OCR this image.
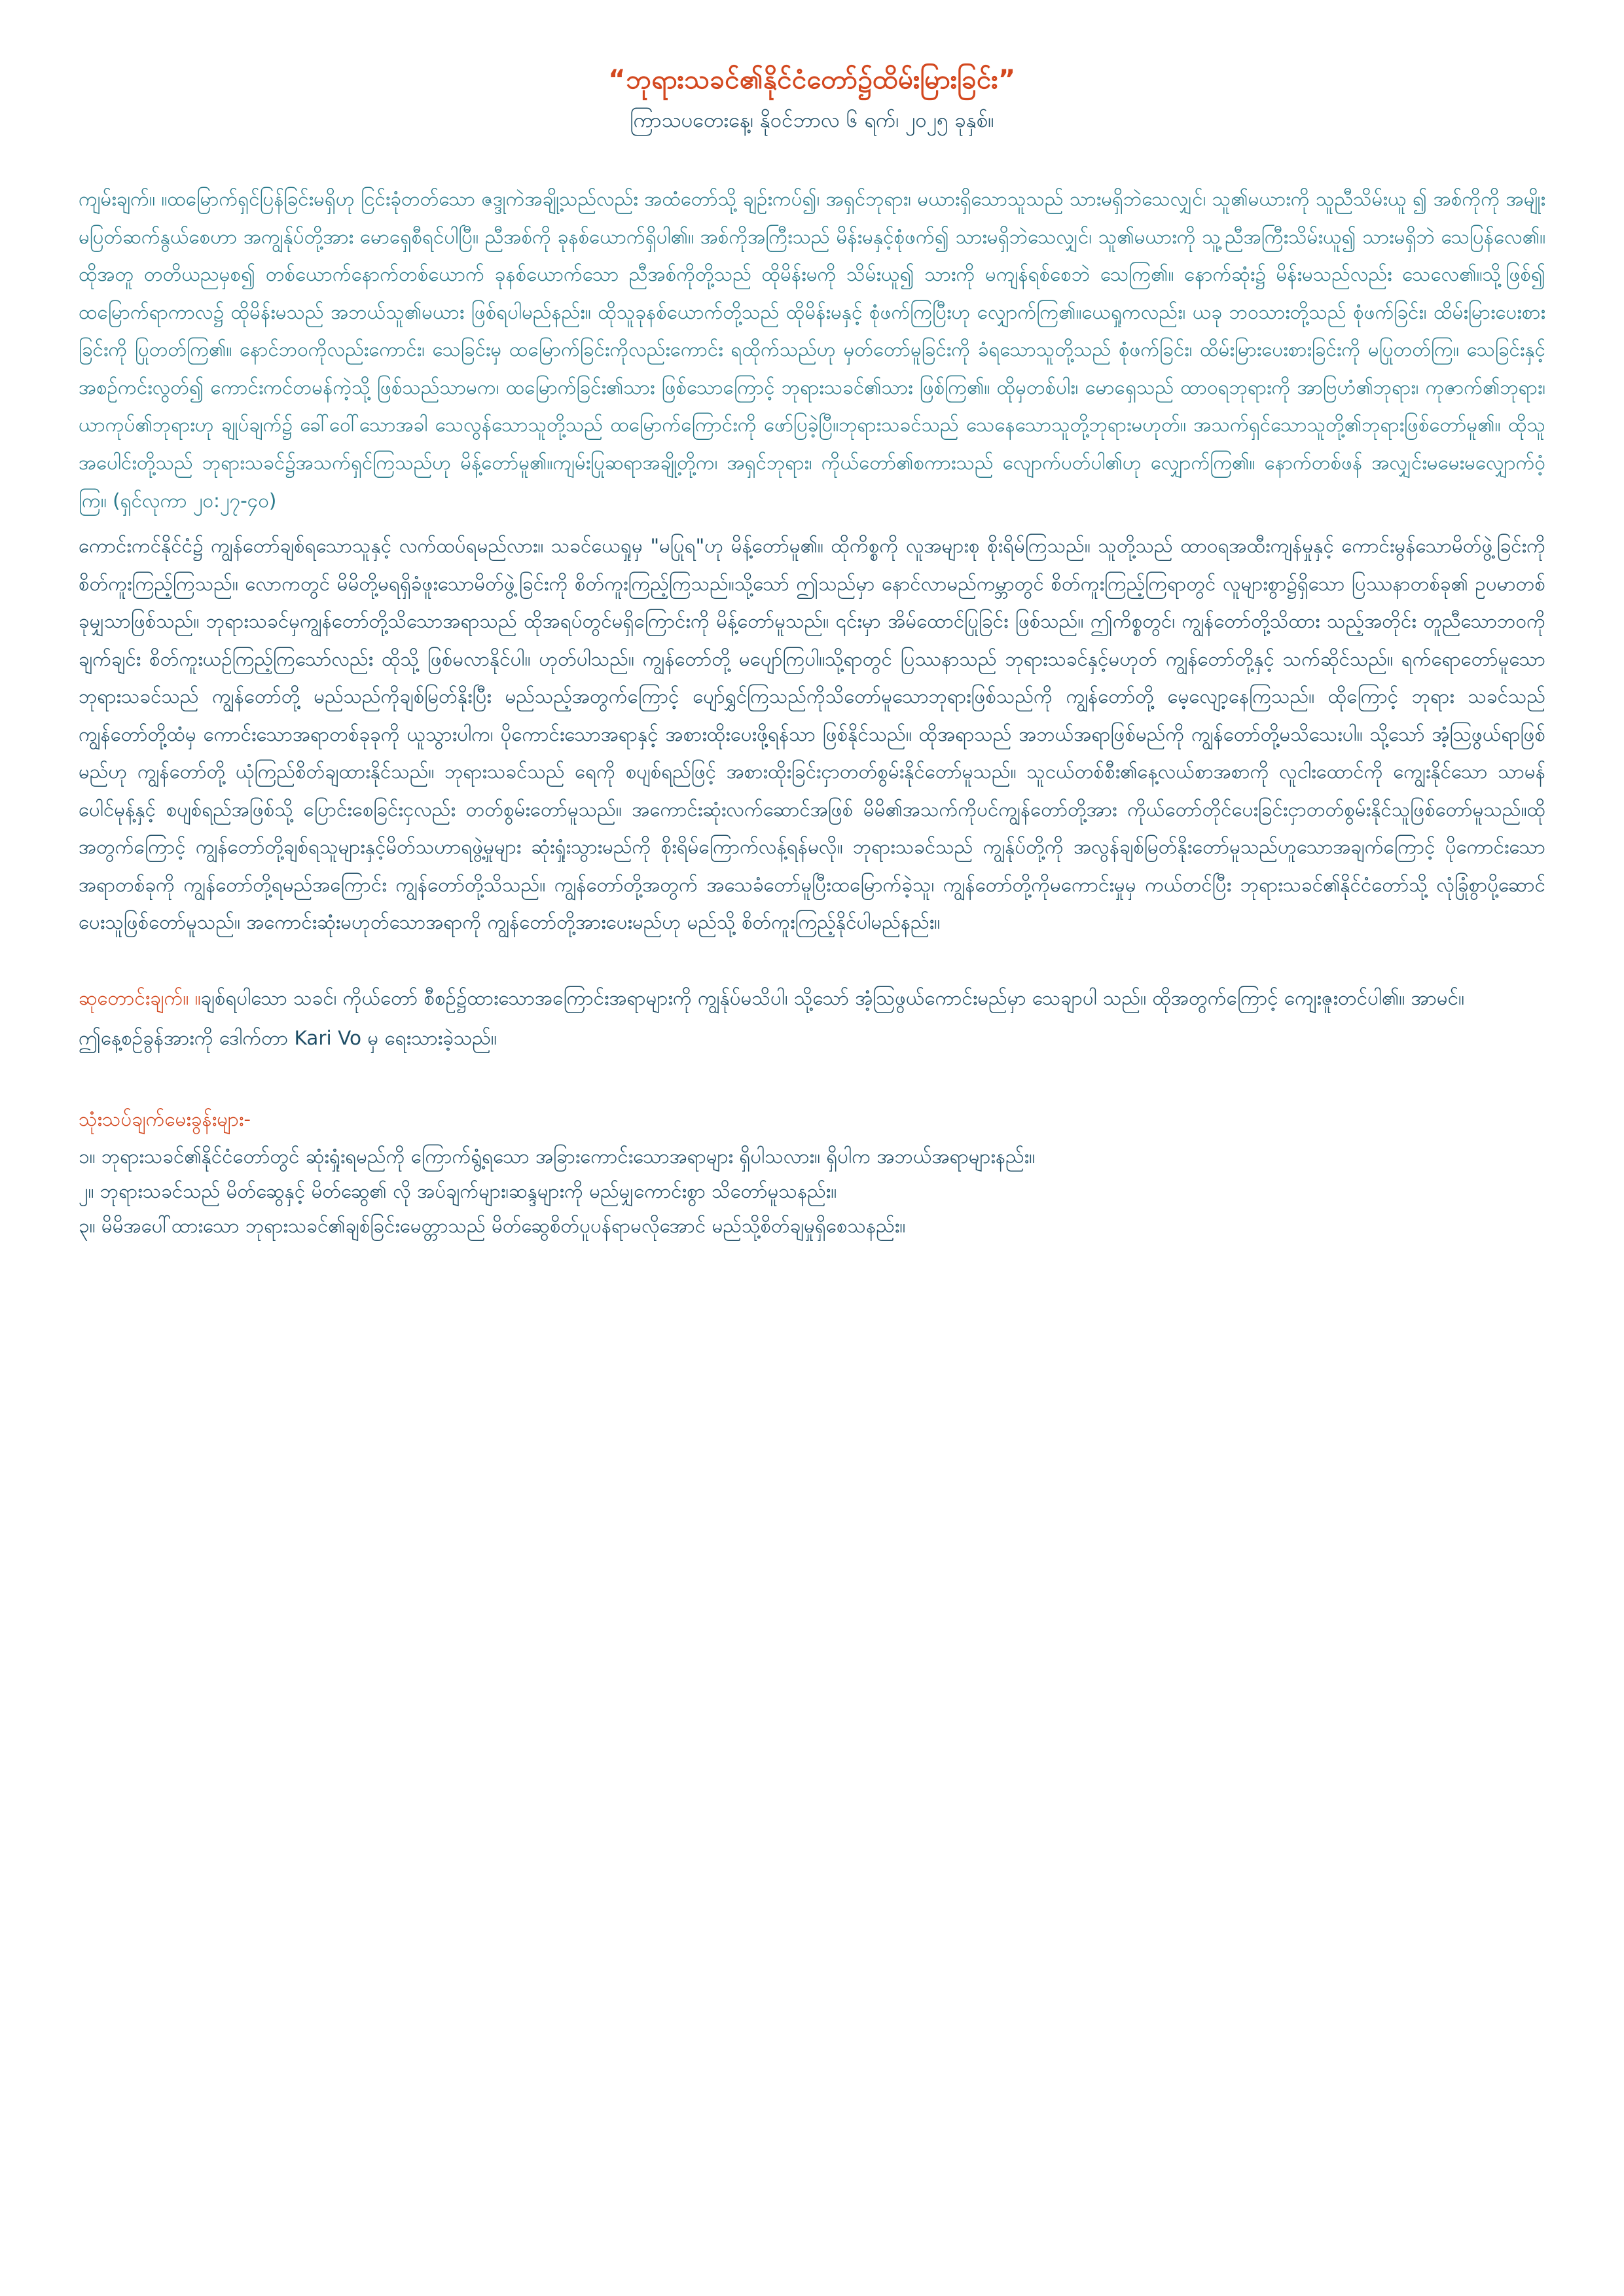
“ဘုရားသခင်၏နိုင်ငံတော်၌ထိမ်းမြားခြင်း”
ကြာသပတေးနေ့၊ နိုဝင်ဘာလ ၆ ရက်၊ ၂၀၂၅ ခုနှစ်။

ကျမ်းချက်။ ။ထမြောက်ရှင်ပြန်ခြင်းမရှိဟု ငြင်းခုံတတ်သော ဇဒ္ဒုကဲအချို့သည်လည်း အထံတော်သို့ ချဉ်းကပ်၍၊ အရှင်ဘုရား၊ မယားရှိသောသူသည် သားမရှိဘဲသေလျှင်၊ သူ၏မယားကို သူညီသိမ်းယူ ၍ အစ်ကိုကို အမျိုးမပြတ်ဆက်နွယ်စေဟာ အကျွန်ုပ်တို့အား မောရှေစီရင်ပါပြီ။ ညီအစ်ကို ခုနစ်ယောက်ရှိပါ၏။ အစ်ကိုအကြီးသည် မိန်းမနှင့်စုံဖက်၍ သားမရှိဘဲသေလျှင်၊ သူ၏မယားကို သူ့ညီအကြီးသိမ်းယူ၍ သားမရှိဘဲ သေပြန်လေ၏။ ထိုအတူ တတိယညမှစ၍ တစ်ယောက်နောက်တစ်ယောက် ခုနစ်ယောက်သော ညီအစ်ကိုတို့သည် ထိုမိန်းမကို သိမ်းယူ၍ သားကို မကျန်ရစ်စေဘဲ သေကြ၏။ နောက်ဆုံး၌ မိန်းမသည်လည်း သေလေ၏။သို့ဖြစ်၍ ထမြောက်ရာကာလ၌ ထိုမိန်းမသည် အဘယ်သူ၏မယား ဖြစ်ရပါမည်နည်း။ ထိုသူခုနစ်ယောက်တို့သည် ထိုမိန်းမနှင့် စုံဖက်ကြပြီးဟု လျှောက်ကြ၏။ယေရှုကလည်း၊ ယခု ဘဝသားတို့သည် စုံဖက်ခြင်း၊ ထိမ်းမြားပေးစားခြင်းကို ပြုတတ်ကြ၏။ နောင်ဘဝကိုလည်းကောင်း၊ သေခြင်းမှ ထမြောက်ခြင်းကိုလည်းကောင်း ရထိုက်သည်ဟု မှတ်တော်မူခြင်းကို ခံရသောသူတို့သည် စုံဖက်ခြင်း၊ ထိမ်းမြားပေးစားခြင်းကို မပြုတတ်ကြ။ သေခြင်းနှင့် အစဉ်ကင်းလွတ်၍ ကောင်းကင်တမန်ကဲ့သို့ ဖြစ်သည်သာမက၊ ထမြောက်ခြင်း၏သား ဖြစ်သောကြောင့် ဘုရားသခင်၏သား ဖြစ်ကြ၏။ ထိုမှတစ်ပါး၊ မောရှေသည် ထာဝရဘုရားကို အာဗြဟံ၏ဘုရား၊ ကုဇာက်၏ဘုရား၊ ယာကုပ်၏ဘုရားဟု ချုပ်ချက်၌ ခေါ်ဝေါ်သောအခါ သေလွန်သောသူတို့သည် ထမြောက်ကြောင်းကို ဖော်ပြခဲ့ပြီ။ဘုရားသခင်သည် သေနေသောသူတို့ဘုရားမဟုတ်။ အသက်ရှင်သောသူတို့၏ဘုရားဖြစ်တော်မူ၏။ ထိုသူအပေါင်းတို့သည် ဘုရားသခင်၌အသက်ရှင်ကြသည်ဟု မိန့်တော်မူ၏။ကျမ်းပြုဆရာအချို့တို့က၊ အရှင်ဘုရား၊ ကိုယ်တော်၏စကားသည် လျောက်ပတ်ပါ၏ဟု လျှောက်ကြ၏။ နောက်တစ်ဖန် အလျှင်းမမေးမလျှောက်ဝံ့ကြ။ (ရှင်လုကာ ၂၀:၂၇-၄၀)

ကောင်းကင်နိုင်ငံ၌ ကျွန်တော်ချစ်ရသောသူနှင့် လက်ထပ်ရမည်လား။ သခင်ယေရှုမှ "မပြုရ"ဟု မိန့်တော်မူ၏။ ထိုကိစ္စကို လူအများစု စိုးရိမ်ကြသည်။ သူတို့သည် ထာဝရအထီးကျန်မှုနှင့် ကောင်းမွန်သောမိတ်ဖွဲ့ခြင်းကို စိတ်ကူးကြည့်ကြသည်။ လောကတွင် မိမိတို့မရရှိခံဖူးသောမိတ်ဖွဲ့ခြင်းကို စိတ်ကူးကြည့်ကြသည်။သို့သော် ဤသည်မှာ နောင်လာမည်ကမ္ဘာတွင် စိတ်ကူးကြည့်ကြရာတွင် လူများစွာ၌ရှိသော ပြဿနာတစ်ခု၏ ဥပမာတစ်ခုမျှသာဖြစ်သည်။ ဘုရားသခင်မှကျွန်တော်တို့သိသောအရာသည် ထိုအရပ်တွင်မရှိကြောင်းကို မိန့်တော်မူသည်။ ၎င်းမှာ အိမ်ထောင်ပြုခြင်း ဖြစ်သည်။ ဤကိစ္စတွင်၊ ကျွန်တော်တို့သိထား သည့်အတိုင်း တူညီသောဘဝကို ချက်ချင်း စိတ်ကူးယဉ်ကြည့်ကြသော်လည်း ထိုသို့ ဖြစ်မလာနိုင်ပါ။ ဟုတ်ပါသည်။ ကျွန်တော်တို့ မပျော်ကြပါ။သို့ရာတွင် ပြဿနာသည် ဘုရားသခင်နှင့်မဟုတ် ကျွန်တော်တို့နှင့် သက်ဆိုင်သည်။ ရက်ရောတော်မူသောဘုရားသခင်သည် ကျွန်တော်တို့ မည်သည်ကိုချစ်မြတ်နိုးပြီး မည်သည့်အတွက်ကြောင့် ပျော်ရွှင်ကြသည်ကိုသိတော်မူသောဘုရားဖြစ်သည်ကို ကျွန်တော်တို့ မေ့လျော့နေကြသည်။ ထိုကြောင့် ဘုရား သခင်သည် ကျွန်တော်တို့ထံမှ ကောင်းသောအရာတစ်ခုခုကို ယူသွားပါက၊ ပိုကောင်းသောအရာနှင့် အစားထိုးပေးဖို့ရန်သာ ဖြစ်နိုင်သည်။ ထိုအရာသည် အဘယ်အရာဖြစ်မည်ကို ကျွန်တော်တို့မသိသေးပါ။ သို့သော် အံ့သြဖွယ်ရာဖြစ်မည်ဟု ကျွန်တော်တို့ ယုံကြည်စိတ်ချထားနိုင်သည်။ ဘုရားသခင်သည် ရေကို စပျစ်ရည်ဖြင့် အစားထိုးခြင်းငှာတတ်စွမ်းနိုင်တော်မူသည်။ သူငယ်တစ်စီး၏နေ့လယ်စာအစာကို လူငါးထောင်ကို ကျွေးနိုင်သော သာမန်ပေါင်မုန့်နှင့် စပျစ်ရည်အဖြစ်သို့ ပြောင်းစေခြင်းငှလည်း တတ်စွမ်းတော်မူသည်။ အကောင်းဆုံးလက်ဆောင်အဖြစ် မိမိ၏အသက်ကိုပင်ကျွန်တော်တို့အား ကိုယ်တော်တိုင်ပေးခြင်းငှာတတ်စွမ်းနိုင်သူဖြစ်တော်မူသည်။ထိုအတွက်ကြောင့် ကျွန်တော်တို့ချစ်ရသူများနှင့်မိတ်သဟာရဖွဲ့မှုများ ဆုံးရှုံးသွားမည်ကို စိုးရိမ်ကြောက်လန့်ရန်မလို။ ဘုရားသခင်သည် ကျွန်ုပ်တို့ကို အလွန်ချစ်မြတ်နိုးတော်မူသည်ဟူသောအချက်ကြောင့် ပိုကောင်းသောအရာတစ်ခုကို ကျွန်တော်တို့ရမည်အကြောင်း ကျွန်တော်တို့သိသည်။ ကျွန်တော်တို့အတွက် အသေခံတော်မူပြီးထမြောက်ခဲ့သူ၊ ကျွန်တော်တို့ကိုမကောင်းမှုမှ ကယ်တင်ပြီး ဘုရားသခင်၏နိုင်ငံတော်သို့ လုံခြုံစွာပို့ဆောင်ပေးသူဖြစ်တော်မူသည်။ အကောင်းဆုံးမဟုတ်သောအရာကို ကျွန်တော်တို့အားပေးမည်ဟု မည်သို့ စိတ်ကူးကြည့်နိုင်ပါမည်နည်း။

ဆုတောင်းချက်။ ။ချစ်ရပါသော သခင်၊ ကိုယ်တော် စီစဉ်၌ထားသောအကြောင်းအရာများကို ကျွန်ုပ်မသိပါ၊ သို့သော် အံ့သြဖွယ်ကောင်းမည်မှာ သေချာပါ သည်။ ထိုအတွက်ကြောင့် ကျေးဇူးတင်ပါ၏။ အာမင်။
ဤနေ့စဉ်ခွန်အားကို ဒေါက်တာ Kari Vo မှ ရေးသားခဲ့သည်။
သုံးသပ်ချက်မေးခွန်းများ-

၁။ ဘုရားသခင်၏နိုင်ငံတော်တွင် ဆုံးရှုံးရမည်ကို ကြောက်ရွံ့ရသော အခြားကောင်းသောအရာများ ရှိပါသလား။ ရှိပါက အဘယ်အရာများနည်း။

၂။ ဘုရားသခင်သည် မိတ်ဆွေနှင့် မိတ်ဆွေ၏ လို အပ်ချက်များ၊ဆန္ဒများကို မည်မျှကောင်းစွာ သိတော်မူသနည်း။

၃။ မိမိအပေါ်ထားသော ဘုရားသခင်၏ချစ်ခြင်းမေတ္တာသည် မိတ်ဆွေစိတ်ပူပန်ရာမလိုအောင် မည်သို့စိတ်ချမှုရှိစေသနည်း။
